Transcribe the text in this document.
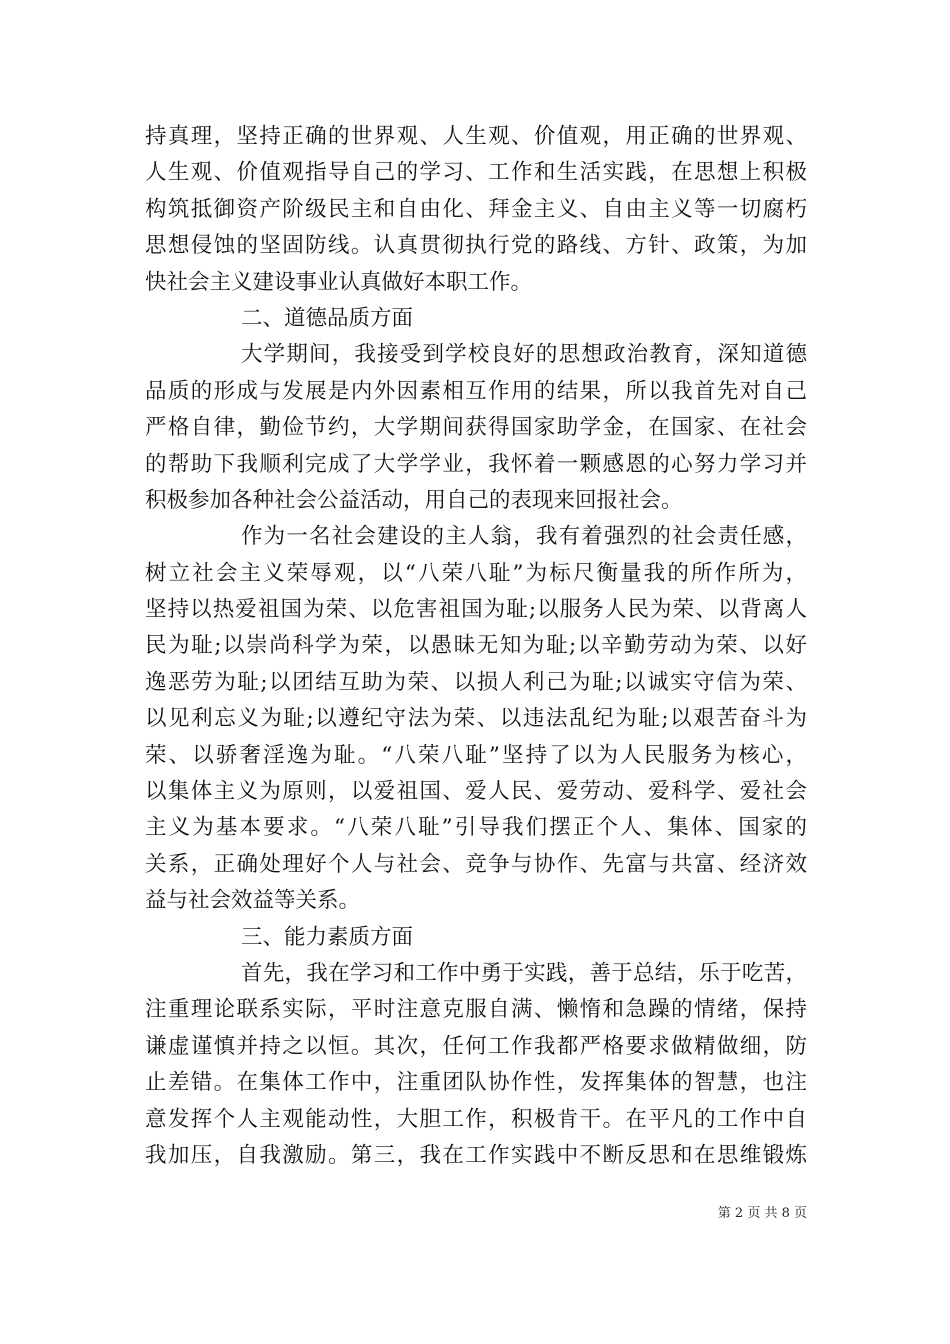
持真理，坚持正确的世界观、人生观、价值观，用正确的世界观、
人生观、价值观指导自己的学习、工作和生活实践，在思想上积极
构筑抵御资产阶级民主和自由化、拜金主义、自由主义等一切腐朽
思想侵蚀的坚固防线。认真贯彻执行党的路线、方针、政策，为加
快社会主义建设事业认真做好本职工作。
二、道德品质方面
大学期间，我接受到学校良好的思想政治教育，深知道德
品质的形成与发展是内外因素相互作用的结果，所以我首先对自己
严格自律，勤俭节约，大学期间获得国家助学金，在国家、在社会
的帮助下我顺利完成了大学学业，我怀着一颗感恩的心努力学习并
积极参加各种社会公益活动，用自己的表现来回报社会。
作为一名社会建设的主人翁，我有着强烈的社会责任感，
树立社会主义荣辱观，以“八荣八耻”为标尺衡量我的所作所为，
坚持以热爱祖国为荣、以危害祖国为耻;以服务人民为荣、以背离人
民为耻;以崇尚科学为荣，以愚昧无知为耻;以辛勤劳动为荣、以好
逸恶劳为耻;以团结互助为荣、以损人利己为耻;以诚实守信为荣、
以见利忘义为耻;以遵纪守法为荣、以违法乱纪为耻;以艰苦奋斗为
荣、以骄奢淫逸为耻。“八荣八耻”坚持了以为人民服务为核心，
以集体主义为原则，以爱祖国、爱人民、爱劳动、爱科学、爱社会
主义为基本要求。“八荣八耻”引导我们摆正个人、集体、国家的
关系，正确处理好个人与社会、竞争与协作、先富与共富、经济效
益与社会效益等关系。
三、能力素质方面
首先，我在学习和工作中勇于实践，善于总结，乐于吃苦，
注重理论联系实际，平时注意克服自满、懒惰和急躁的情绪，保持
谦虚谨慎并持之以恒。其次，任何工作我都严格要求做精做细，防
止差错。在集体工作中，注重团队协作性，发挥集体的智慧，也注
意发挥个人主观能动性，大胆工作，积极肯干。在平凡的工作中自
我加压，自我激励。第三，我在工作实践中不断反思和在思维锻炼
第 2 页 共 8 页
